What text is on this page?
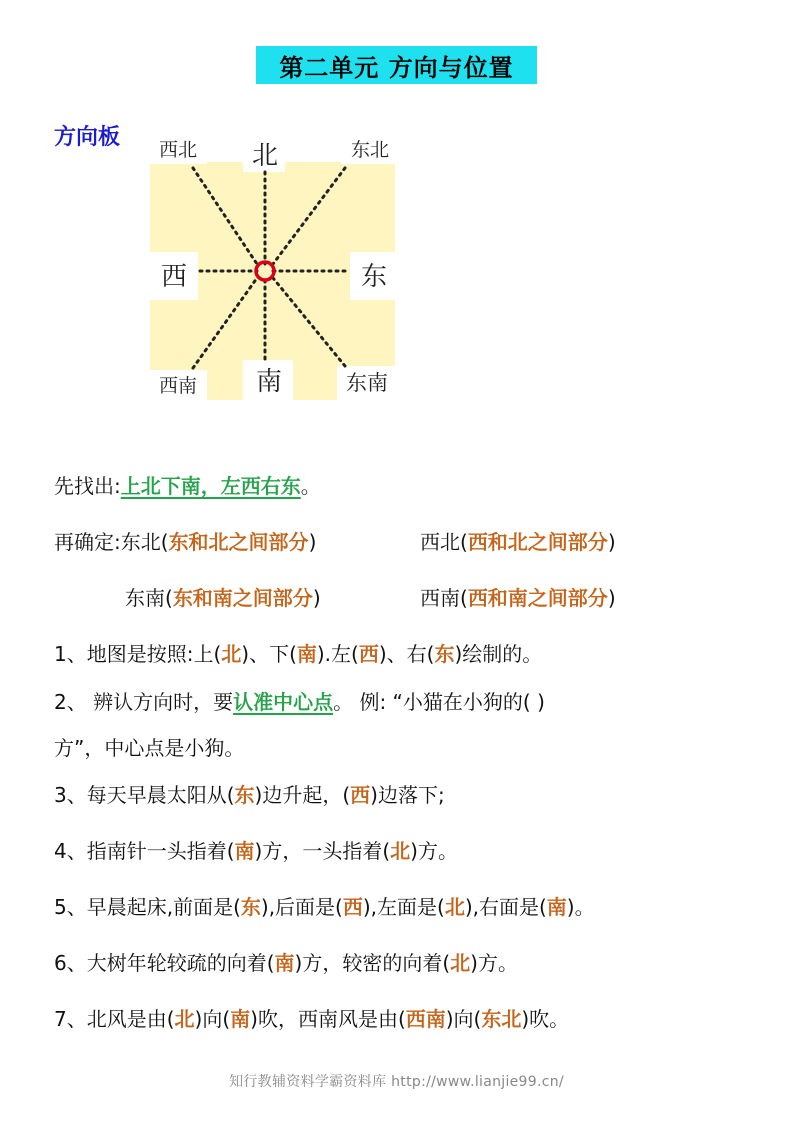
第二单元 方向与位置
方向板
北
南
西	东
西北	东北
西南	东南
先找出:上北下南，左西右东。
再确定:东北(东和北之间部分)	西北(西和北之间部分)
东南(东和南之间部分)	西南(西和南之间部分)
1、地图是按照:上(北)、下(南).左(西)、右(东)绘制的。
2、 辨认方向时，要认准中心点。 例: “小猫在小狗的( )
方”，中心点是小狗。
3、每天早晨太阳从(东)边升起，(西)边落下;
4、指南针一头指着(南)方，一头指着(北)方。
5、早晨起床,前面是(东),后面是(西),左面是(北),右面是(南)。
6、大树年轮较疏的向着(南)方，较密的向着(北)方。
7、北风是由(北)向(南)吹，西南风是由(西南)向(东北)吹。
知行教辅资料学霸资料库 http://www.lianjie99.cn/
